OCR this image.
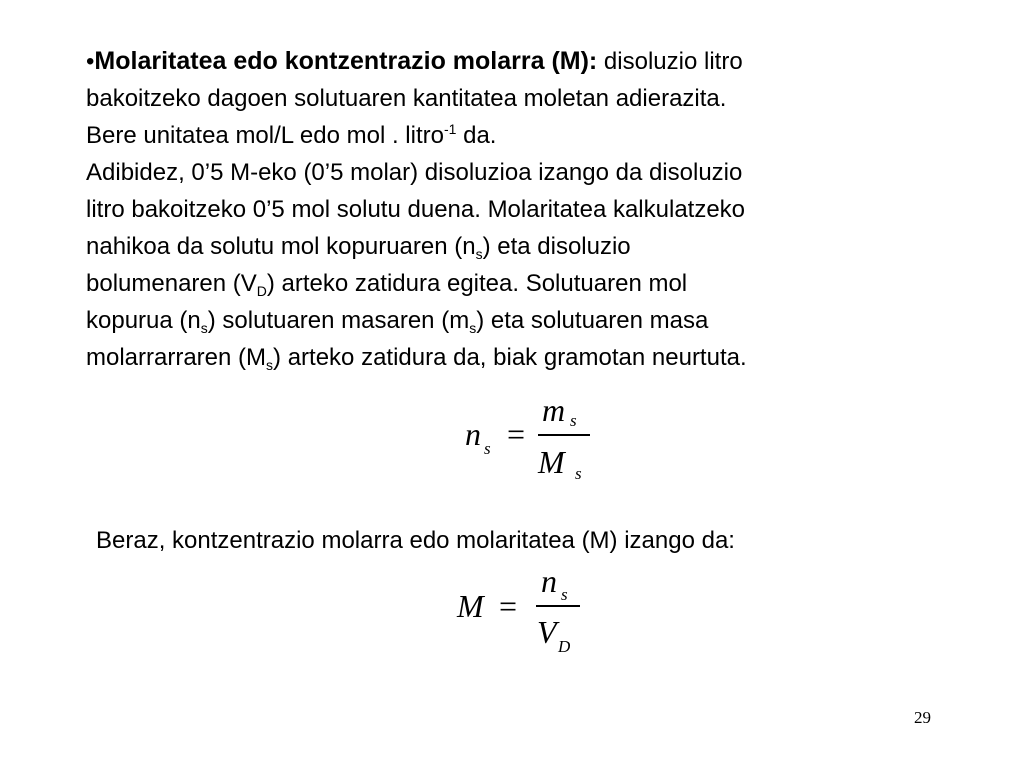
•Molaritatea edo kontzentrazio molarra (M): disoluzio litro
bakoitzeko dagoen solutuaren kantitatea moletan adierazita.
Bere unitatea mol/L edo mol . litro$^{-1}$ da.
Adibidez, 0’5 M-eko (0’5 molar) disoluzioa izango da disoluzio
litro bakoitzeko 0’5 mol solutu duena. Molaritatea kalkulatzeko
nahikoa da solutu mol kopuruaren $(n_s)$ eta disoluzio
bolumenaren $(V_D)$ arteko zatidura egitea. Solutuaren mol
kopurua $(n_s)$ solutuaren masaren $(m_s)$ eta solutuaren masa
molarrarraren $(M_s)$ arteko zatidura da, biak gramotan neurtuta.

n s =
m s
M s

Beraz, kontzentrazio molarra edo molaritatea (M) izango da:

M =
n s
V D
29
